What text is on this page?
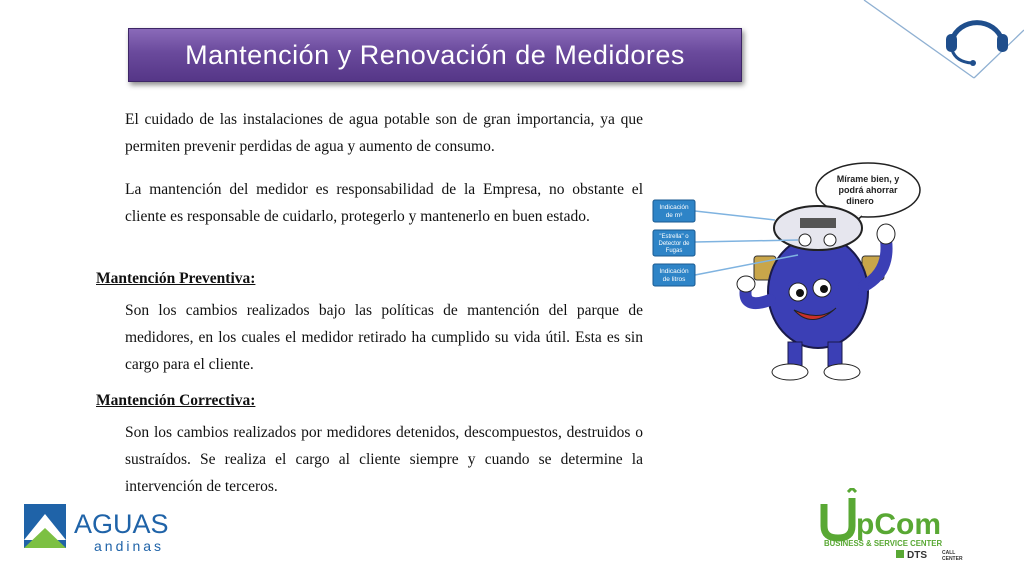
Mantención y Renovación de Medidores

El cuidado de las instalaciones de agua potable son de gran importancia, ya que permiten prevenir perdidas de agua y aumento de consumo.

La mantención del medidor es responsabilidad de la Empresa, no obstante el cliente es responsable de cuidarlo, protegerlo y mantenerlo en buen estado.

Mantención Preventiva:

Son los cambios realizados bajo las políticas de mantención del parque de medidores, en los cuales el medidor retirado ha cumplido su vida útil. Esta es sin cargo para el cliente.

Mantención Correctiva:

Son los cambios realizados por medidores detenidos, descompuestos, destruidos o sustraídos. Se realiza el cargo al cliente siempre y cuando se determine la intervención de terceros.

Mírame bien, y
podrá ahorrar
dinero
Indicación
de m³
"Estrella" o
Detector de
Fugas
Indicación
de litros
AGUAS
andinas
pCom
BUSINESS & SERVICE CENTER
DTS	CALL
CENTER
